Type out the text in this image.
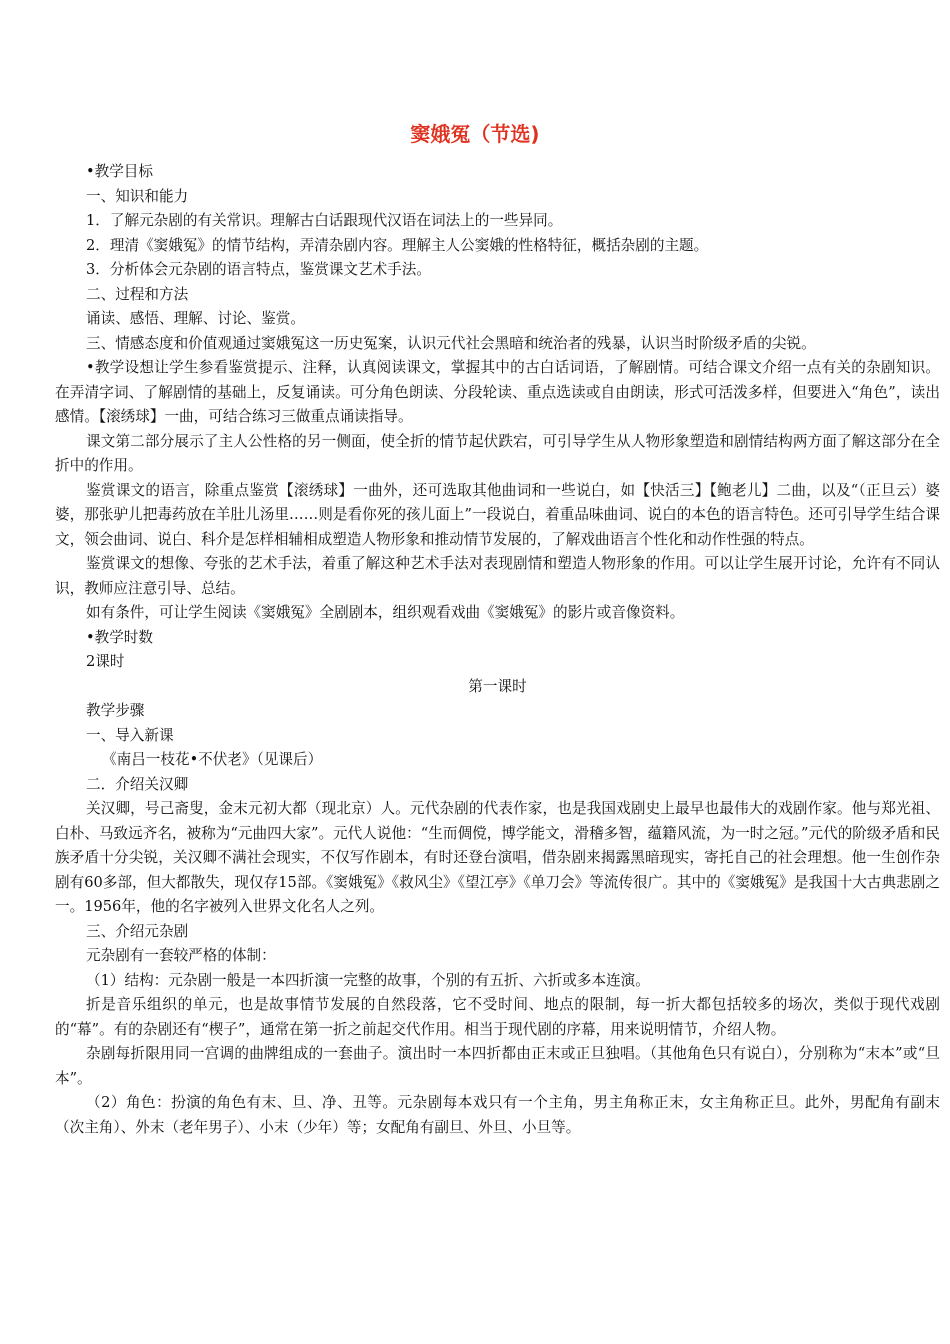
窦娥冤（节选)

•教学目标

一、知识和能力

1．了解元杂剧的有关常识。理解古白话跟现代汉语在词法上的一些异同。

2．理清《窦娥冤》的情节结构，弄清杂剧内容。理解主人公窦娥的性格特征，概括杂剧的主题。

3．分析体会元杂剧的语言特点，鉴赏课文艺术手法。

二、过程和方法

诵读、感悟、理解、讨论、鉴赏。

三、情感态度和价值观通过窦娥冤这一历史冤案，认识元代社会黑暗和统治者的残暴，认识当时阶级矛盾的尖锐。

•教学设想让学生参看鉴赏提示、注释，认真阅读课文，掌握其中的古白话词语，了解剧情。可结合课文介绍一点有关的杂剧知识。在弄清字词、了解剧情的基础上，反复诵读。可分角色朗读、分段轮读、重点选读或自由朗读，形式可活泼多样，但要进入“角色”，读出感情。【滚绣球】一曲，可结合练习三做重点诵读指导。

课文第二部分展示了主人公性格的另一侧面，使全折的情节起伏跌宕，可引导学生从人物形象塑造和剧情结构两方面了解这部分在全折中的作用。

鉴赏课文的语言，除重点鉴赏【滚绣球】一曲外，还可选取其他曲词和一些说白，如【快活三】【鲍老儿】二曲，以及“（正旦云）婆婆，那张驴儿把毒药放在羊肚儿汤里……则是看你死的孩儿面上”一段说白，着重品味曲词、说白的本色的语言特色。还可引导学生结合课文，领会曲词、说白、科介是怎样相辅相成塑造人物形象和推动情节发展的，了解戏曲语言个性化和动作性强的特点。

鉴赏课文的想像、夸张的艺术手法，着重了解这种艺术手法对表现剧情和塑造人物形象的作用。可以让学生展开讨论，允许有不同认识，教师应注意引导、总结。

如有条件，可让学生阅读《窦娥冤》全剧剧本，组织观看戏曲《窦娥冤》的影片或音像资料。

•教学时数

2课时

第一课时

教学步骤

一、导入新课

《南吕一枝花•不伏老》（见课后）

二．介绍关汉卿

关汉卿，号己斋叟，金末元初大都（现北京）人。元代杂剧的代表作家，也是我国戏剧史上最早也最伟大的戏剧作家。他与郑光祖、白朴、马致远齐名，被称为“元曲四大家”。元代人说他：“生而倜傥，博学能文，滑稽多智，蕴籍风流，为一时之冠。”元代的阶级矛盾和民族矛盾十分尖锐，关汉卿不满社会现实，不仅写作剧本，有时还登台演唱，借杂剧来揭露黑暗现实，寄托自己的社会理想。他一生创作杂剧有60多部，但大都散失，现仅存15部。《窦娥冤》《救风尘》《望江亭》《单刀会》等流传很广。其中的《窦娥冤》是我国十大古典悲剧之一。1956年，他的名字被列入世界文化名人之列。

三、介绍元杂剧

元杂剧有一套较严格的体制：

（1）结构：元杂剧一般是一本四折演一完整的故事，个别的有五折、六折或多本连演。

折是音乐组织的单元，也是故事情节发展的自然段落，它不受时间、地点的限制，每一折大都包括较多的场次，类似于现代戏剧的“幕”。有的杂剧还有“楔子”，通常在第一折之前起交代作用。相当于现代剧的序幕，用来说明情节，介绍人物。

杂剧每折限用同一宫调的曲牌组成的一套曲子。演出时一本四折都由正末或正旦独唱。（其他角色只有说白），分别称为“末本”或“旦本”。

（2）角色：扮演的角色有末、旦、净、丑等。元杂剧每本戏只有一个主角，男主角称正末，女主角称正旦。此外，男配角有副末（次主角）、外末（老年男子）、小末（少年）等；女配角有副旦、外旦、小旦等。
